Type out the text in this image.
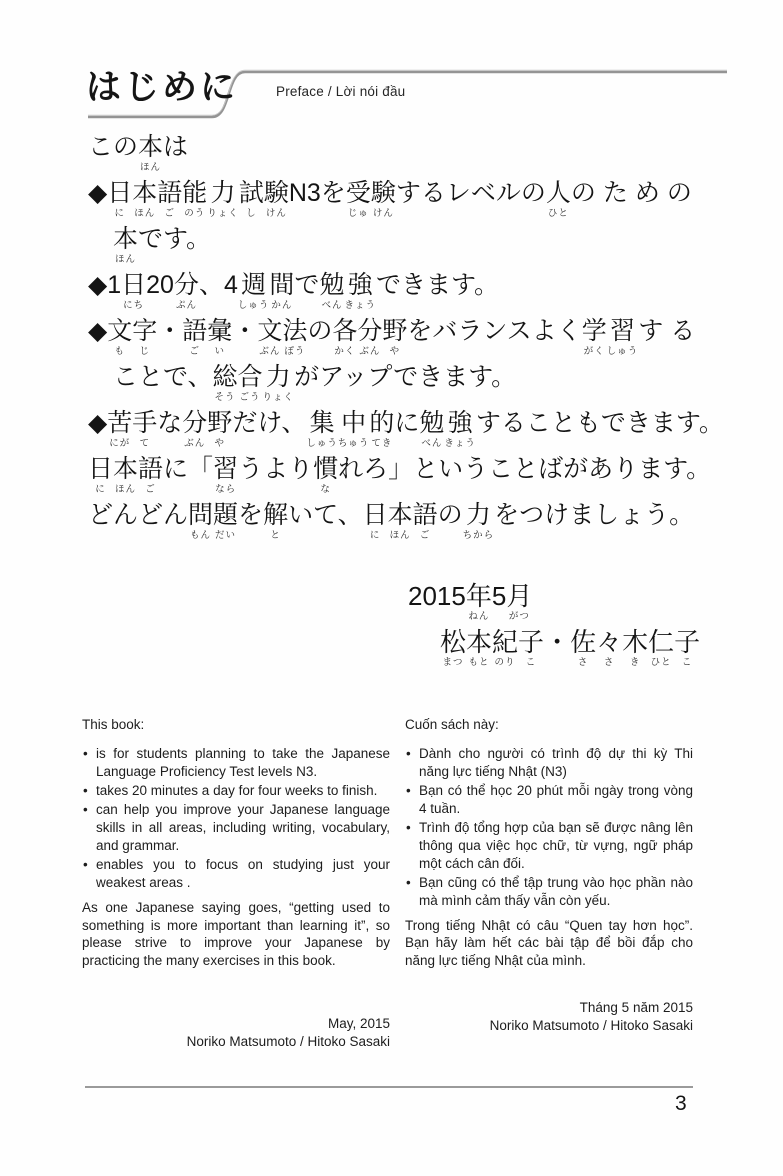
はじめに	Preface / Lời nói đầu
この 本
ほん
は
◆ 日
に
本
ほん
語
ご
能
のう
力
りょく
試
し
験
けん
N3を 受
じゅ
験
けん
するレベルの 人
ひと
のための
本
ほん
です。
◆ 1 日
にち
20 分
ぷん
、4 週
しゅう
間
かん
で 勉
べん
強
きょう
できます。
◆ 文
も
字
じ
・ 語
ご
彙
い
・ 文
ぶん
法
ぽう
の 各
かく
分
ぶん
野
や
をバランスよく 学
がく
習
しゅう
する
ことで、 総
そう
合
ごう
力
りょく
がアップできます。
◆ 苦
にが
手
て
な 分
ぶん
野
や
だけ、 集
しゅう
中
ちゅう
的
てき
に 勉
べん
強
きょう
することもできます。
日
に
本
ほん
語
ご
に「 習
なら
うより 慣
な
れろ」ということばがあります。
どんどん 問
もん
題
だい
を 解
と
いて、 日
に
本
ほん
語
ご
の 力
ちから
をつけましょう。
2015 年
ねん
5 月
がつ
松
まつ
本
もと
紀
のり
子
こ
・ 佐
さ
々
さ
木
き
仁
ひと
子
こ
This book:
• is for students planning to take the Japanese Language Proficiency Test levels N3.
• takes 20 minutes a day for four weeks to finish.
• can help you improve your Japanese language skills in all areas, including writing, vocabulary, and grammar.
• enables you to focus on studying just your weakest areas .
As one Japanese saying goes, “getting used to something is more important than learning it”, so please strive to improve your Japanese by practicing the many exercises in this book.
May, 2015
Noriko Matsumoto / Hitoko Sasaki
Cuốn sách này:
• Dành cho người có trình độ dự thi kỳ Thi năng lực tiếng Nhật (N3)
• Bạn có thể học 20 phút mỗi ngày trong vòng 4 tuần.
• Trình độ tổng hợp của bạn sẽ được nâng lên thông qua việc học chữ, từ vựng, ngữ pháp một cách cân đối.
• Bạn cũng có thể tập trung vào học phần nào mà mình cảm thấy vẫn còn yếu.
Trong tiếng Nhật có câu “Quen tay hơn học”. Bạn hãy làm hết các bài tập để bồi đắp cho năng lực tiếng Nhật của mình.
Tháng 5 năm 2015
Noriko Matsumoto / Hitoko Sasaki
3
